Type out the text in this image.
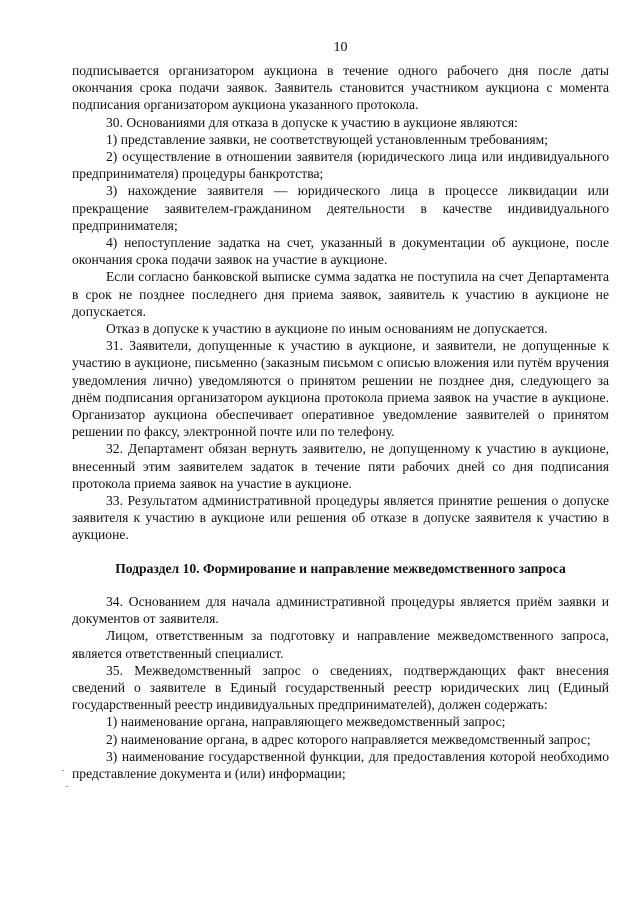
10

подписывается организатором аукциона в течение одного рабочего дня после даты окончания срока подачи заявок. Заявитель становится участником аукциона с момента подписания организатором аукциона указанного протокола.

30. Основаниями для отказа в допуске к участию в аукционе являются:

1) представление заявки, не соответствующей установленным требованиям;

2) осуществление в отношении заявителя (юридического лица или индивидуального предпринимателя) процедуры банкротства;

3) нахождение заявителя — юридического лица в процессе ликвидации или прекращение заявителем-гражданином деятельности в качестве индивидуального предпринимателя;

4) непоступление задатка на счет, указанный в документации об аукционе, после окончания срока подачи заявок на участие в аукционе.

Если согласно банковской выписке сумма задатка не поступила на счет Департамента в срок не позднее последнего дня приема заявок, заявитель к участию в аукционе не допускается.

Отказ в допуске к участию в аукционе по иным основаниям не допускается.

31. Заявители, допущенные к участию в аукционе, и заявители, не допущенные к участию в аукционе, письменно (заказным письмом с описью вложения или путём вручения уведомления лично) уведомляются о принятом решении не позднее дня, следующего за днём подписания организатором аукциона протокола приема заявок на участие в аукционе. Организатор аукциона обеспечивает оперативное уведомление заявителей о принятом решении по факсу, электронной почте или по телефону.

32. Департамент обязан вернуть заявителю, не допущенному к участию в аукционе, внесенный этим заявителем задаток в течение пяти рабочих дней со дня подписания протокола приема заявок на участие в аукционе.

33. Результатом административной процедуры является принятие решения о допуске заявителя к участию в аукционе или решения об отказе в допуске заявителя к участию в аукционе.

Подраздел 10. Формирование и направление межведомственного запроса

34. Основанием для начала административной процедуры является приём заявки и документов от заявителя.

Лицом, ответственным за подготовку и направление межведомственного запроса, является ответственный специалист.

35. Межведомственный запрос о сведениях, подтверждающих факт внесения сведений о заявителе в Единый государственный реестр юридических лиц (Единый государственный реестр индивидуальных предпринимателей), должен содержать:

1) наименование органа, направляющего межведомственный запрос;

2) наименование органа, в адрес которого направляется межведомственный запрос;

3) наименование государственной функции, для предоставления которой необходимо представление документа и (или) информации;
